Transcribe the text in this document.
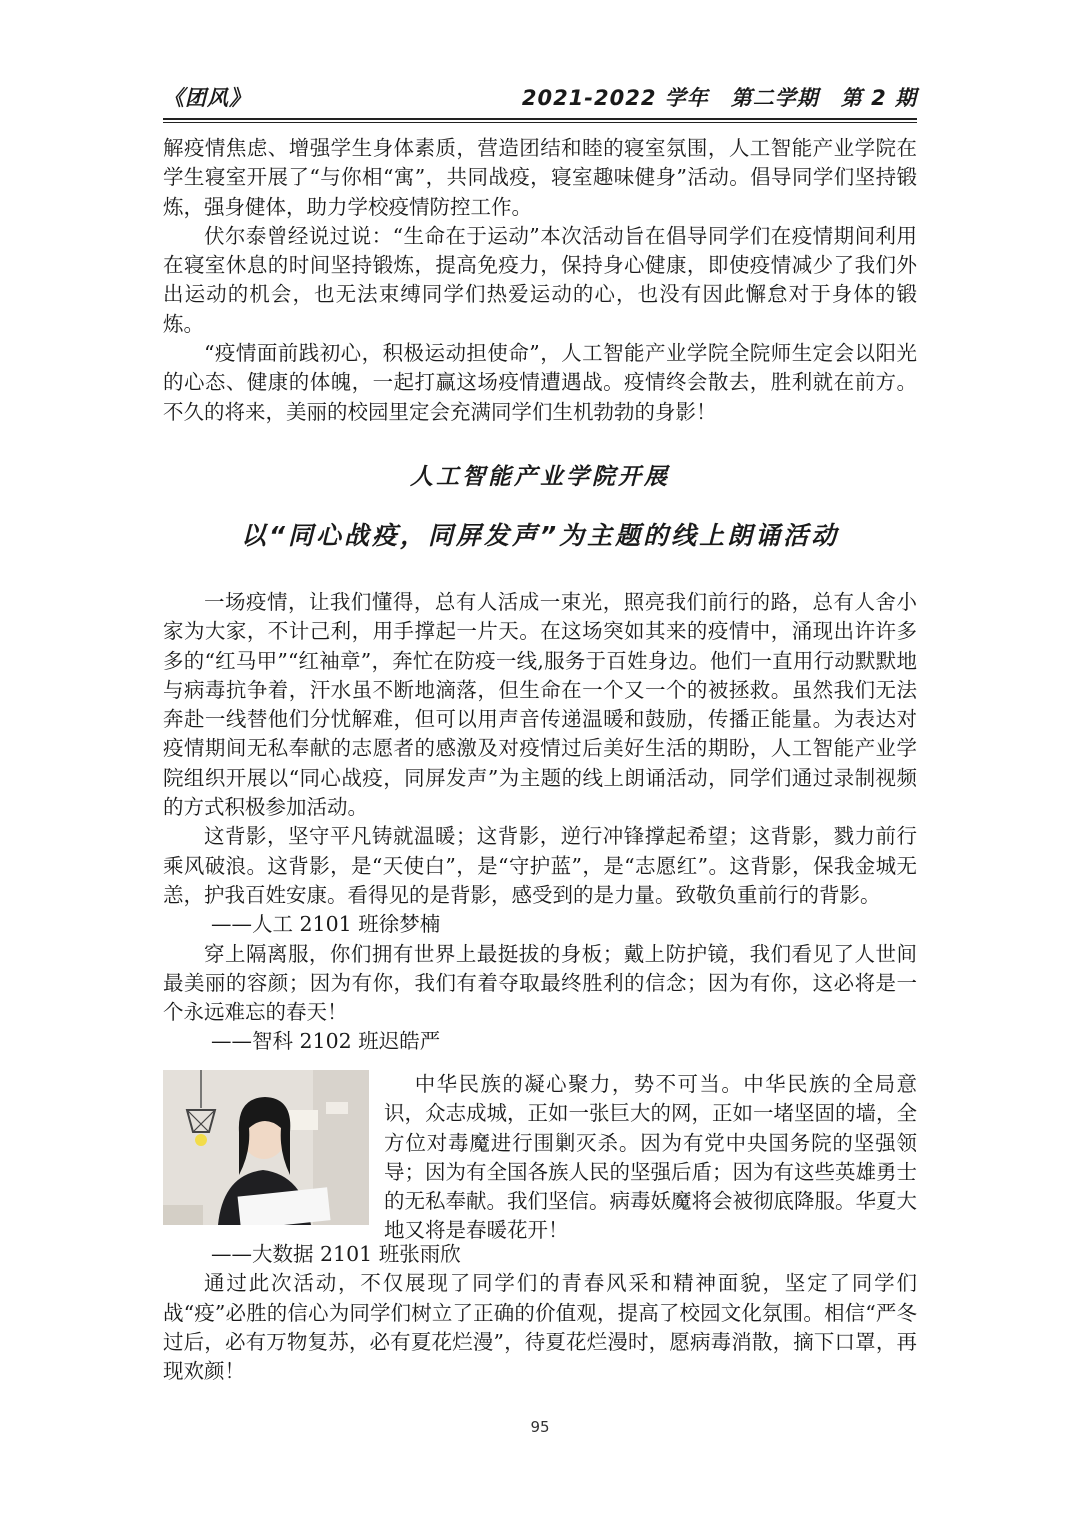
《团风》	2021-2022 学年　第二学期　第 2 期

解疫情焦虑、增强学生身体素质，营造团结和睦的寝室氛围，人工智能产业学院在学生寝室开展了“与你相“寓”，共同战疫，寝室趣味健身”活动。倡导同学们坚持锻炼，强身健体，助力学校疫情防控工作。

伏尔泰曾经说过说：“生命在于运动”本次活动旨在倡导同学们在疫情期间利用在寝室休息的时间坚持锻炼，提高免疫力，保持身心健康，即使疫情减少了我们外出运动的机会，也无法束缚同学们热爱运动的心，也没有因此懈怠对于身体的锻炼。

“疫情面前践初心，积极运动担使命”，人工智能产业学院全院师生定会以阳光的心态、健康的体魄，一起打赢这场疫情遭遇战。疫情终会散去，胜利就在前方。不久的将来，美丽的校园里定会充满同学们生机勃勃的身影！

人工智能产业学院开展
以“同心战疫，同屏发声”为主题的线上朗诵活动

一场疫情，让我们懂得，总有人活成一束光，照亮我们前行的路，总有人舍小家为大家，不计己利，用手撑起一片天。在这场突如其来的疫情中，涌现出许许多多的“红马甲”“红袖章”，奔忙在防疫一线,服务于百姓身边。他们一直用行动默默地与病毒抗争着，汗水虽不断地滴落，但生命在一个又一个的被拯救。虽然我们无法奔赴一线替他们分忧解难，但可以用声音传递温暖和鼓励，传播正能量。为表达对疫情期间无私奉献的志愿者的感激及对疫情过后美好生活的期盼，人工智能产业学院组织开展以“同心战疫，同屏发声”为主题的线上朗诵活动，同学们通过录制视频的方式积极参加活动。

这背影，坚守平凡铸就温暖；这背影，逆行冲锋撑起希望；这背影，戮力前行乘风破浪。这背影，是“天使白”，是“守护蓝”，是“志愿红”。这背影，保我金城无恙，护我百姓安康。看得见的是背影，感受到的是力量。致敬负重前行的背影。

——人工 2101 班徐梦楠

穿上隔离服，你们拥有世界上最挺拔的身板；戴上防护镜，我们看见了人世间最美丽的容颜；因为有你，我们有着夺取最终胜利的信念；因为有你，这必将是一个永远难忘的春天！

——智科 2102 班迟皓严

中华民族的凝心聚力，势不可当。中华民族的全局意识，众志成城，正如一张巨大的网，正如一堵坚固的墙，全方位对毒魔进行围剿灭杀。因为有党中央国务院的坚强领导；因为有全国各族人民的坚强后盾；因为有这些英雄勇士的无私奉献。我们坚信。病毒妖魔将会被彻底降服。华夏大地又将是春暖花开！

——大数据 2101 班张雨欣

通过此次活动，不仅展现了同学们的青春风采和精神面貌，坚定了同学们战“疫”必胜的信心为同学们树立了正确的价值观，提高了校园文化氛围。相信“严冬过后，必有万物复苏，必有夏花烂漫”，待夏花烂漫时，愿病毒消散，摘下口罩，再现欢颜！

95
